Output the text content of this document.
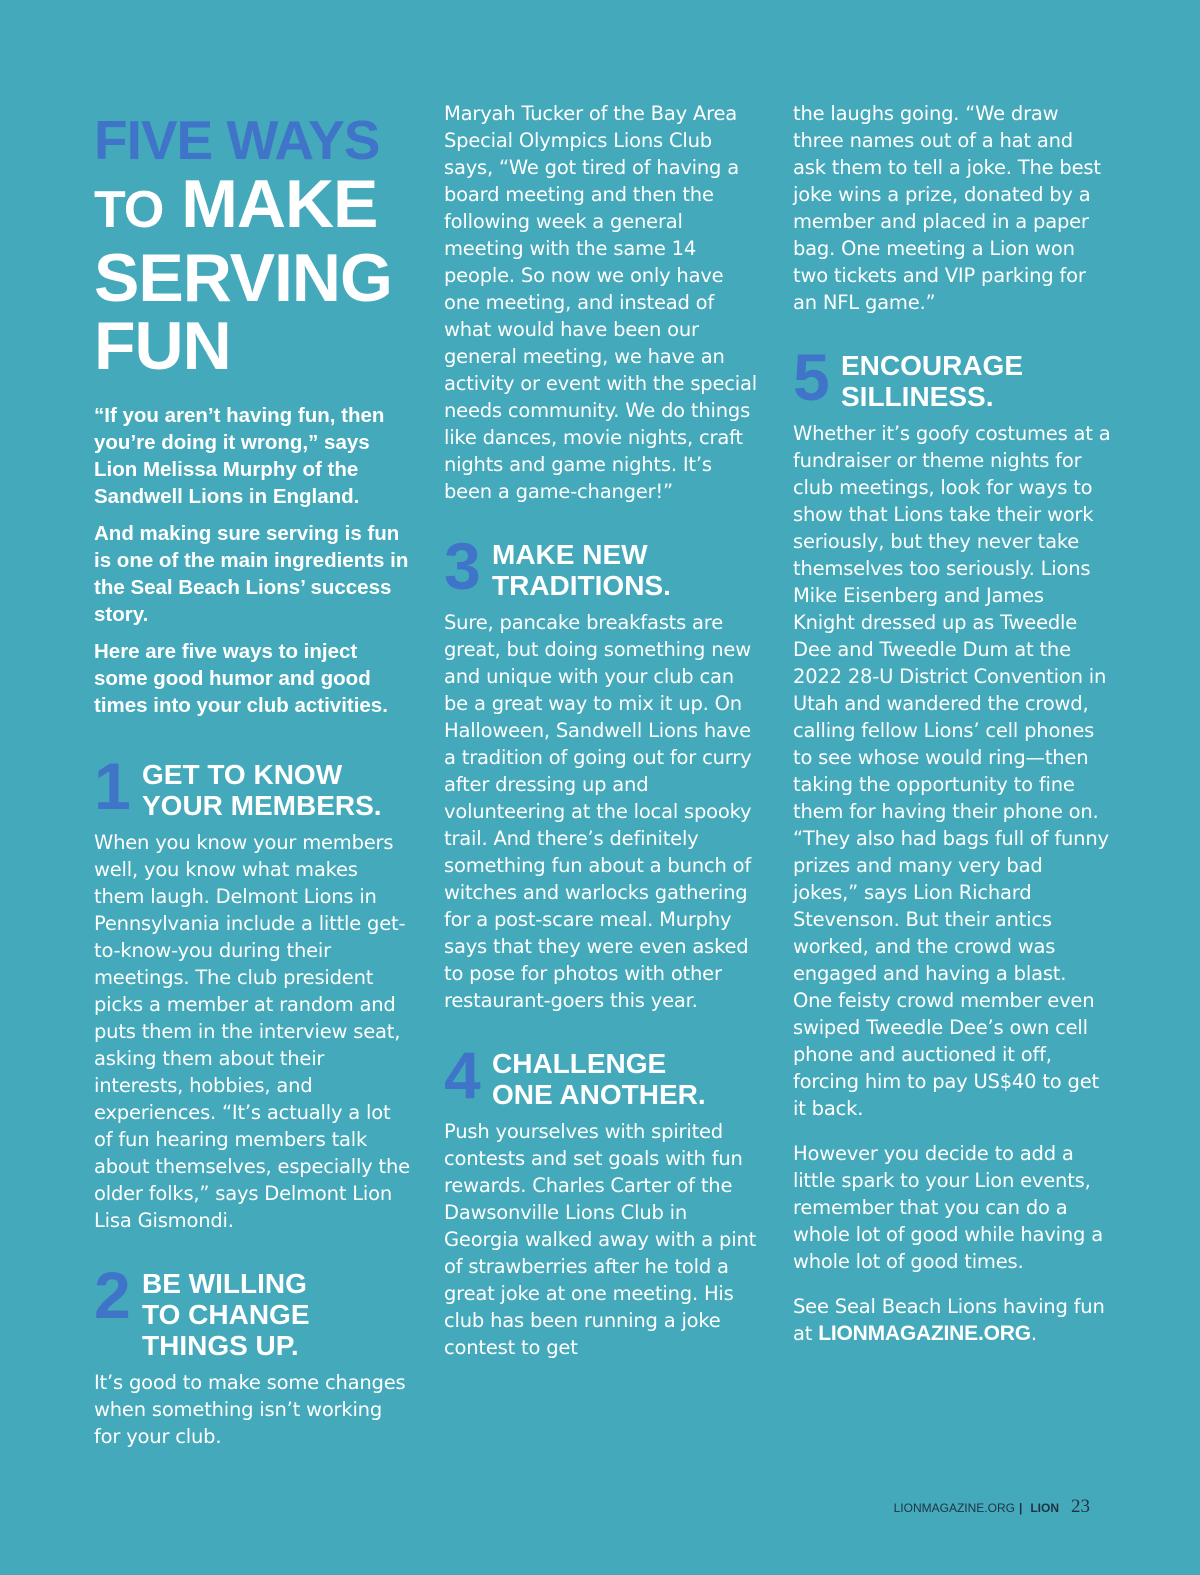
FIVE WAYS
TO MAKE
SERVING
FUN

“If you aren’t having fun, then you’re doing it wrong,” says Lion Melissa Murphy of the Sandwell Lions in England.

And making sure serving is fun is one of the main ingredients in the Seal Beach Lions’ success story.

Here are five ways to inject some good humor and good times into your club activities.

1 GET TO KNOW
YOUR MEMBERS.

When you know your members well, you know what makes them laugh. Delmont Lions in Pennsylvania include a little get-to-know-you during their meetings. The club president picks a member at random and puts them in the interview seat, asking them about their interests, hobbies, and experiences. “It’s actually a lot of fun hearing members talk about themselves, especially the older folks,” says Delmont Lion Lisa Gismondi.

2 BE WILLING
TO CHANGE
THINGS UP.

It’s good to make some changes when something isn’t working for your club.

Maryah Tucker of the Bay Area Special Olympics Lions Club says, “We got tired of having a board meeting and then the following week a general meeting with the same 14 people. So now we only have one meeting, and instead of what would have been our general meeting, we have an activity or event with the special needs community. We do things like dances, movie nights, craft nights and game nights. It’s been a game-changer!”

3 MAKE NEW
TRADITIONS.

Sure, pancake breakfasts are great, but doing something new and unique with your club can be a great way to mix it up. On Halloween, Sandwell Lions have a tradition of going out for curry after dressing up and volunteering at the local spooky trail. And there’s definitely something fun about a bunch of witches and warlocks gathering for a post-scare meal. Murphy says that they were even asked to pose for photos with other restaurant-goers this year.

4 CHALLENGE
ONE ANOTHER.

Push yourselves with spirited contests and set goals with fun rewards. Charles Carter of the Dawsonville Lions Club in Georgia walked away with a pint of strawberries after he told a great joke at one meeting. His club has been running a joke contest to get

the laughs going. “We draw three names out of a hat and ask them to tell a joke. The best joke wins a prize, donated by a member and placed in a paper bag. One meeting a Lion won two tickets and VIP parking for an NFL game.”

5 ENCOURAGE
SILLINESS.

Whether it’s goofy costumes at a fundraiser or theme nights for club meetings, look for ways to show that Lions take their work seriously, but they never take themselves too seriously. Lions Mike Eisenberg and James Knight dressed up as Tweedle Dee and Tweedle Dum at the 2022 28-U District Convention in Utah and wandered the crowd, calling fellow Lions’ cell phones to see whose would ring—then taking the opportunity to fine them for having their phone on. “They also had bags full of funny prizes and many very bad jokes,” says Lion Richard Stevenson. But their antics worked, and the crowd was engaged and having a blast. One feisty crowd member even swiped Tweedle Dee’s own cell phone and auctioned it off, forcing him to pay US$40 to get it back.

However you decide to add a little spark to your Lion events, remember that you can do a whole lot of good while having a whole lot of good times.

See Seal Beach Lions having fun at LIONMAGAZINE.ORG.

LIONMAGAZINE.ORG | LION 23
